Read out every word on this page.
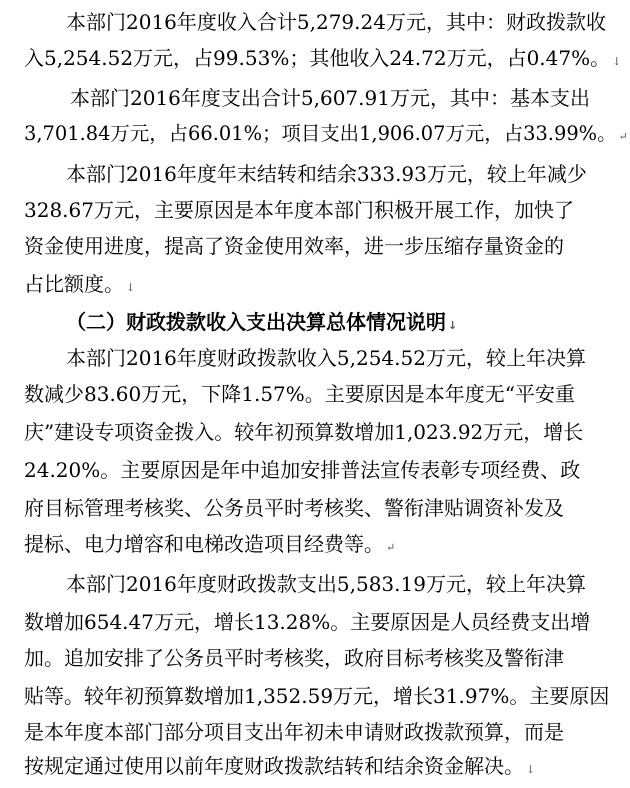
本部门2016年度收入合计5,279.24万元，其中：财政拨款收
入5,254.52万元，占99.53%；其他收入24.72万元，占0.47%。 ↓
本部门2016年度支出合计5,607.91万元，其中：基本支出
3,701.84万元，占66.01%；项目支出1,906.07万元，占33.99%。 ↵
本部门2016年度年末结转和结余333.93万元，较上年减少
328.67万元，主要原因是本年度本部门积极开展工作，加快了
资金使用进度，提高了资金使用效率，进一步压缩存量资金的
占比额度。 ↓
（二）财政拨款收入支出决算总体情况说明 ↓
本部门2016年度财政拨款收入5,254.52万元，较上年决算
数减少83.60万元，下降1.57%。主要原因是本年度无“平安重
庆”建设专项资金拨入。较年初预算数增加1,023.92万元，增长
24.20%。主要原因是年中追加安排普法宣传表彰专项经费、政
府目标管理考核奖、公务员平时考核奖、警衔津贴调资补发及
提标、电力增容和电梯改造项目经费等。 ↵
本部门2016年度财政拨款支出5,583.19万元，较上年决算
数增加654.47万元，增长13.28%。主要原因是人员经费支出增
加。追加安排了公务员平时考核奖，政府目标考核奖及警衔津
贴等。较年初预算数增加1,352.59万元，增长31.97%。主要原因
是本年度本部门部分项目支出年初未申请财政拨款预算，而是
按规定通过使用以前年度财政拨款结转和结余资金解决。 ↓
